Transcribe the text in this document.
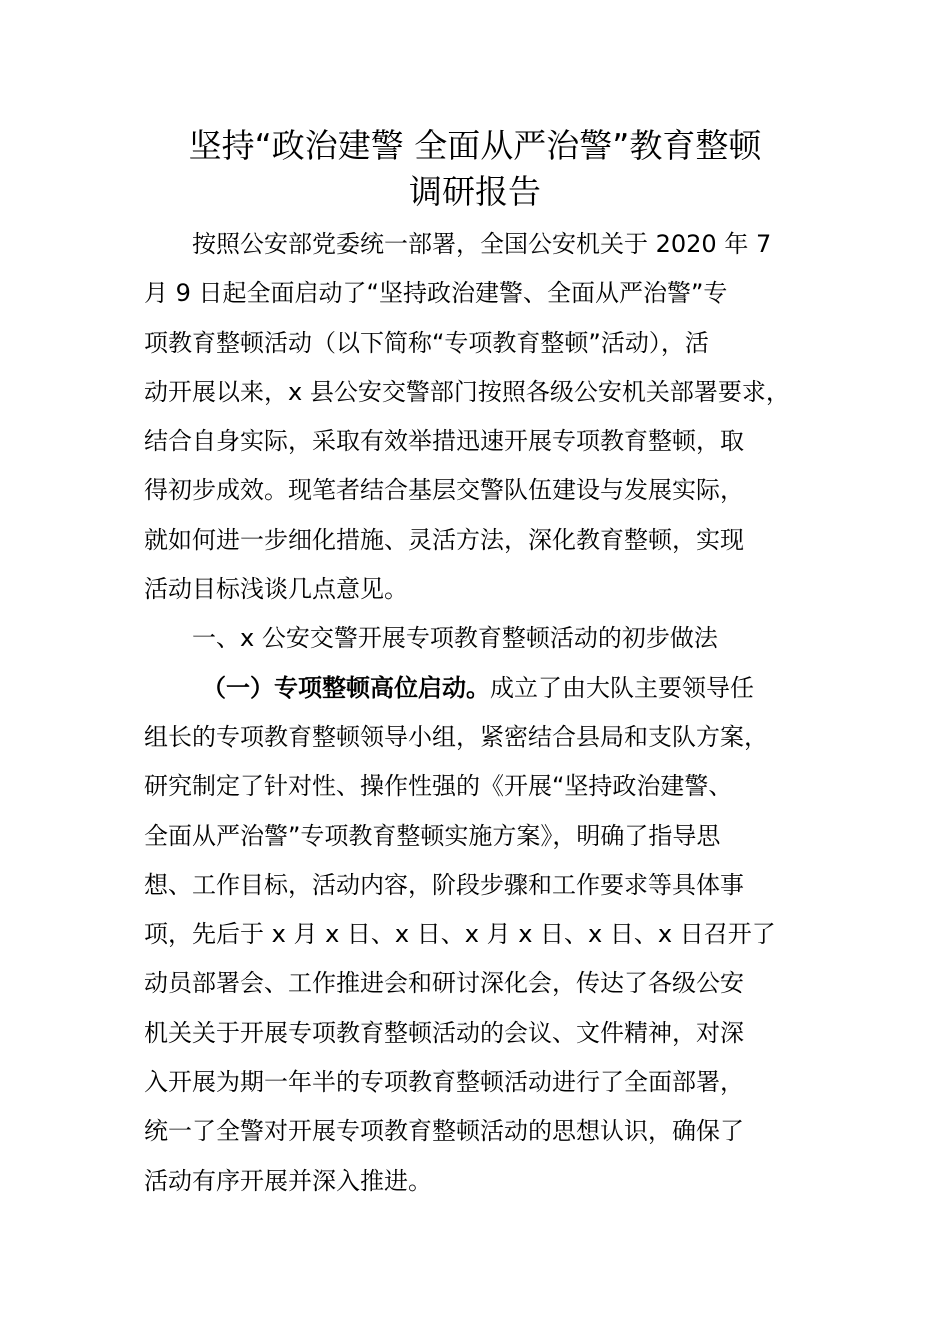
坚持“政治建警 全面从严治警”教育整顿
调研报告
按照公安部党委统一部署，全国公安机关于 2020 年 7
月 9 日起全面启动了“坚持政治建警、全面从严治警”专
项教育整顿活动（以下简称“专项教育整顿”活动），活
动开展以来，x 县公安交警部门按照各级公安机关部署要求，
结合自身实际，采取有效举措迅速开展专项教育整顿，取
得初步成效。现笔者结合基层交警队伍建设与发展实际，
就如何进一步细化措施、灵活方法，深化教育整顿，实现
活动目标浅谈几点意见。
一、x 公安交警开展专项教育整顿活动的初步做法
（一）专项整顿高位启动。成立了由大队主要领导任
组长的专项教育整顿领导小组，紧密结合县局和支队方案，
研究制定了针对性、操作性强的《开展“坚持政治建警、
全面从严治警”专项教育整顿实施方案》，明确了指导思
想、工作目标，活动内容，阶段步骤和工作要求等具体事
项，先后于 x 月 x 日、x 日、x 月 x 日、x 日、x 日召开了
动员部署会、工作推进会和研讨深化会，传达了各级公安
机关关于开展专项教育整顿活动的会议、文件精神，对深
入开展为期一年半的专项教育整顿活动进行了全面部署，
统一了全警对开展专项教育整顿活动的思想认识，确保了
活动有序开展并深入推进。
